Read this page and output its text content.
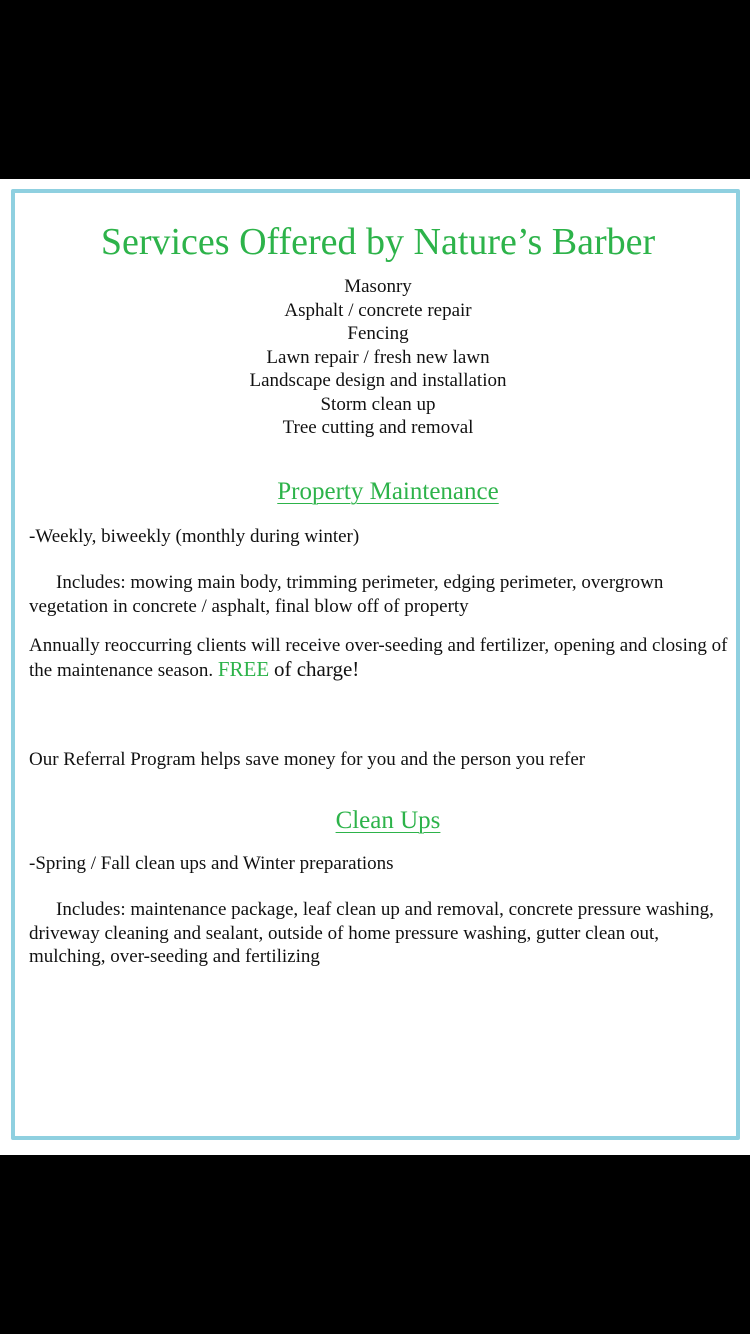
Services Offered by Nature’s Barber
Masonry
Asphalt / concrete repair
Fencing
Lawn repair / fresh new lawn
Landscape design and installation
Storm clean up
Tree cutting and removal
Property Maintenance
-Weekly, biweekly (monthly during winter)
Includes: mowing main body, trimming perimeter, edging perimeter, overgrown vegetation in concrete / asphalt, final blow off of property
Annually reoccurring clients will receive over-seeding and fertilizer, opening and closing of the maintenance season. FREE of charge!
Our Referral Program helps save money for you and the person you refer
Clean Ups
-Spring / Fall clean ups and Winter preparations
Includes: maintenance package, leaf clean up and removal, concrete pressure washing, driveway cleaning and sealant, outside of home pressure washing, gutter clean out, mulching, over-seeding and fertilizing
